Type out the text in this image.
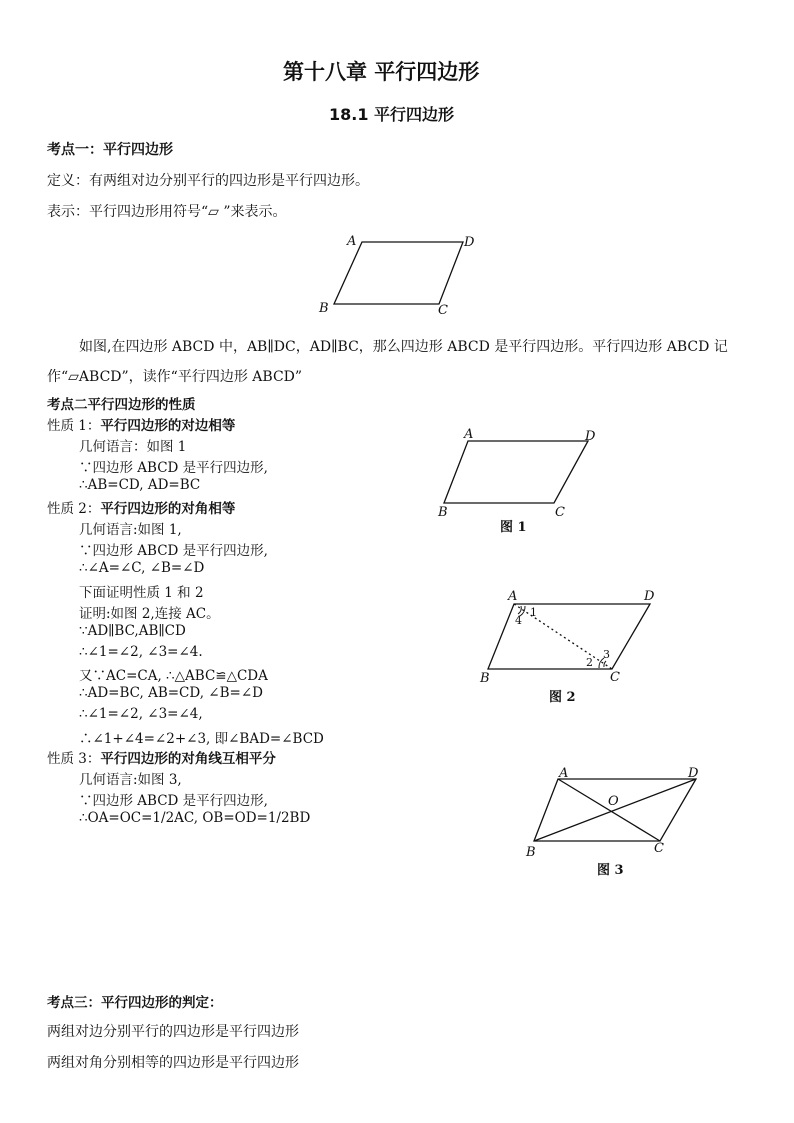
第十八章 平行四边形
18.1 平行四边形
考点一：平行四边形
定义：有两组对边分别平行的四边形是平行四边形。
表示：平行四边形用符号“▱ ”来表示。
A	D
B	C
如图,在四边形 ABCD 中，AB∥DC，AD∥BC，那么四边形 ABCD 是平行四边形。平行四边形 ABCD 记
作“▱ABCD”，读作“平行四边形 ABCD”
考点二平行四边形的性质
性质 1：平行四边形的对边相等
几何语言：如图 1
∵四边形 ABCD 是平行四边形,
∴AB=CD, AD=BC
性质 2：平行四边形的对角相等
几何语言:如图 1,
∵四边形 ABCD 是平行四边形,
∴∠A=∠C, ∠B=∠D
下面证明性质 1 和 2
证明:如图 2,连接 AC。
∵AD∥BC,AB∥CD
∴∠1=∠2, ∠3=∠4.
又∵AC=CA, ∴△ABC≌△CDA
∴AD=BC, AB=CD, ∠B=∠D
∴∠1=∠2, ∠3=∠4,
∴∠1+∠4=∠2+∠3, 即∠BAD=∠BCD
性质 3：平行四边形的对角线互相平分
几何语言:如图 3,
∵四边形 ABCD 是平行四边形,
∴OA=OC=1/2AC, OB=OD=1/2BD
A	D
B	C
图 1
A	D
B	C
1
4
2
3
图 2
A	D
B	C
O
图 3
考点三：平行四边形的判定：
两组对边分别平行的四边形是平行四边形
两组对角分别相等的四边形是平行四边形
